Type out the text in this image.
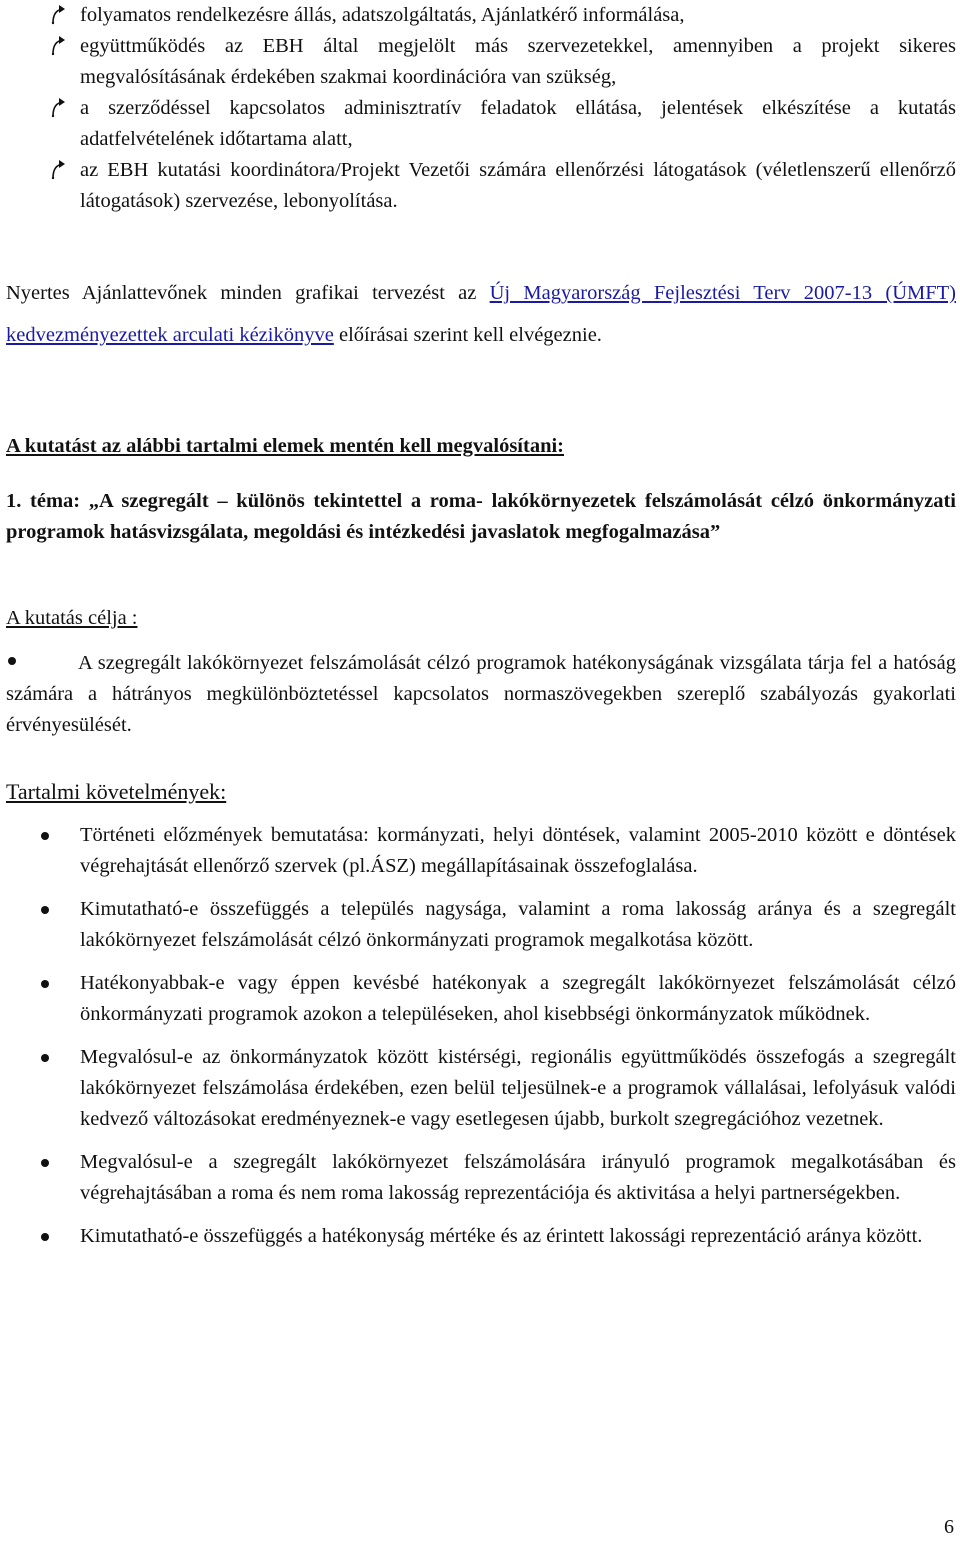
folyamatos rendelkezésre állás, adatszolgáltatás, Ajánlatkérő informálása,

együttműködés az EBH által megjelölt más szervezetekkel, amennyiben a projekt sikeres megvalósításának érdekében szakmai koordinációra van szükség,

a szerződéssel kapcsolatos adminisztratív feladatok ellátása, jelentések elkészítése a kutatás adatfelvételének időtartama alatt,

az EBH kutatási koordinátora/Projekt Vezetői számára ellenőrzési látogatások (véletlenszerű ellenőrző látogatások) szervezése, lebonyolítása.

Nyertes Ajánlattevőnek minden grafikai tervezést az Új Magyarország Fejlesztési Terv 2007-13 (ÚMFT) kedvezményezettek arculati kézikönyve előírásai szerint kell elvégeznie.

A kutatást az alábbi tartalmi elemek mentén kell megvalósítani:

1. téma: „A szegregált – különös tekintettel a roma- lakókörnyezetek felszámolását célzó önkormányzati programok hatásvizsgálata, megoldási és intézkedési javaslatok megfogalmazása”

A kutatás célja :

A szegregált lakókörnyezet felszámolását célzó programok hatékonyságának vizsgálata tárja fel a hatóság számára a hátrányos megkülönböztetéssel kapcsolatos normaszövegekben szereplő szabályozás gyakorlati érvényesülését.

Tartalmi követelmények:

Történeti előzmények bemutatása: kormányzati, helyi döntések, valamint 2005-2010 között e döntések végrehajtását ellenőrző szervek (pl.ÁSZ) megállapításainak összefoglalása.

Kimutatható-e összefüggés a település nagysága, valamint a roma lakosság aránya és a szegregált lakókörnyezet felszámolását célzó önkormányzati programok megalkotása között.

Hatékonyabbak-e vagy éppen kevésbé hatékonyak a szegregált lakókörnyezet felszámolását célzó önkormányzati programok azokon a településeken, ahol kisebbségi önkormányzatok működnek.

Megvalósul-e az önkormányzatok között kistérségi, regionális együttműködés összefogás a szegregált lakókörnyezet felszámolása érdekében, ezen belül teljesülnek-e a programok vállalásai, lefolyásuk valódi kedvező változásokat eredményeznek-e vagy esetlegesen újabb, burkolt szegregációhoz vezetnek.

Megvalósul-e a szegregált lakókörnyezet felszámolására irányuló programok megalkotásában és végrehajtásában a roma és nem roma lakosság reprezentációja és aktivitása a helyi partnerségekben.

Kimutatható-e összefüggés a hatékonyság mértéke és az érintett lakossági reprezentáció aránya között.

6
